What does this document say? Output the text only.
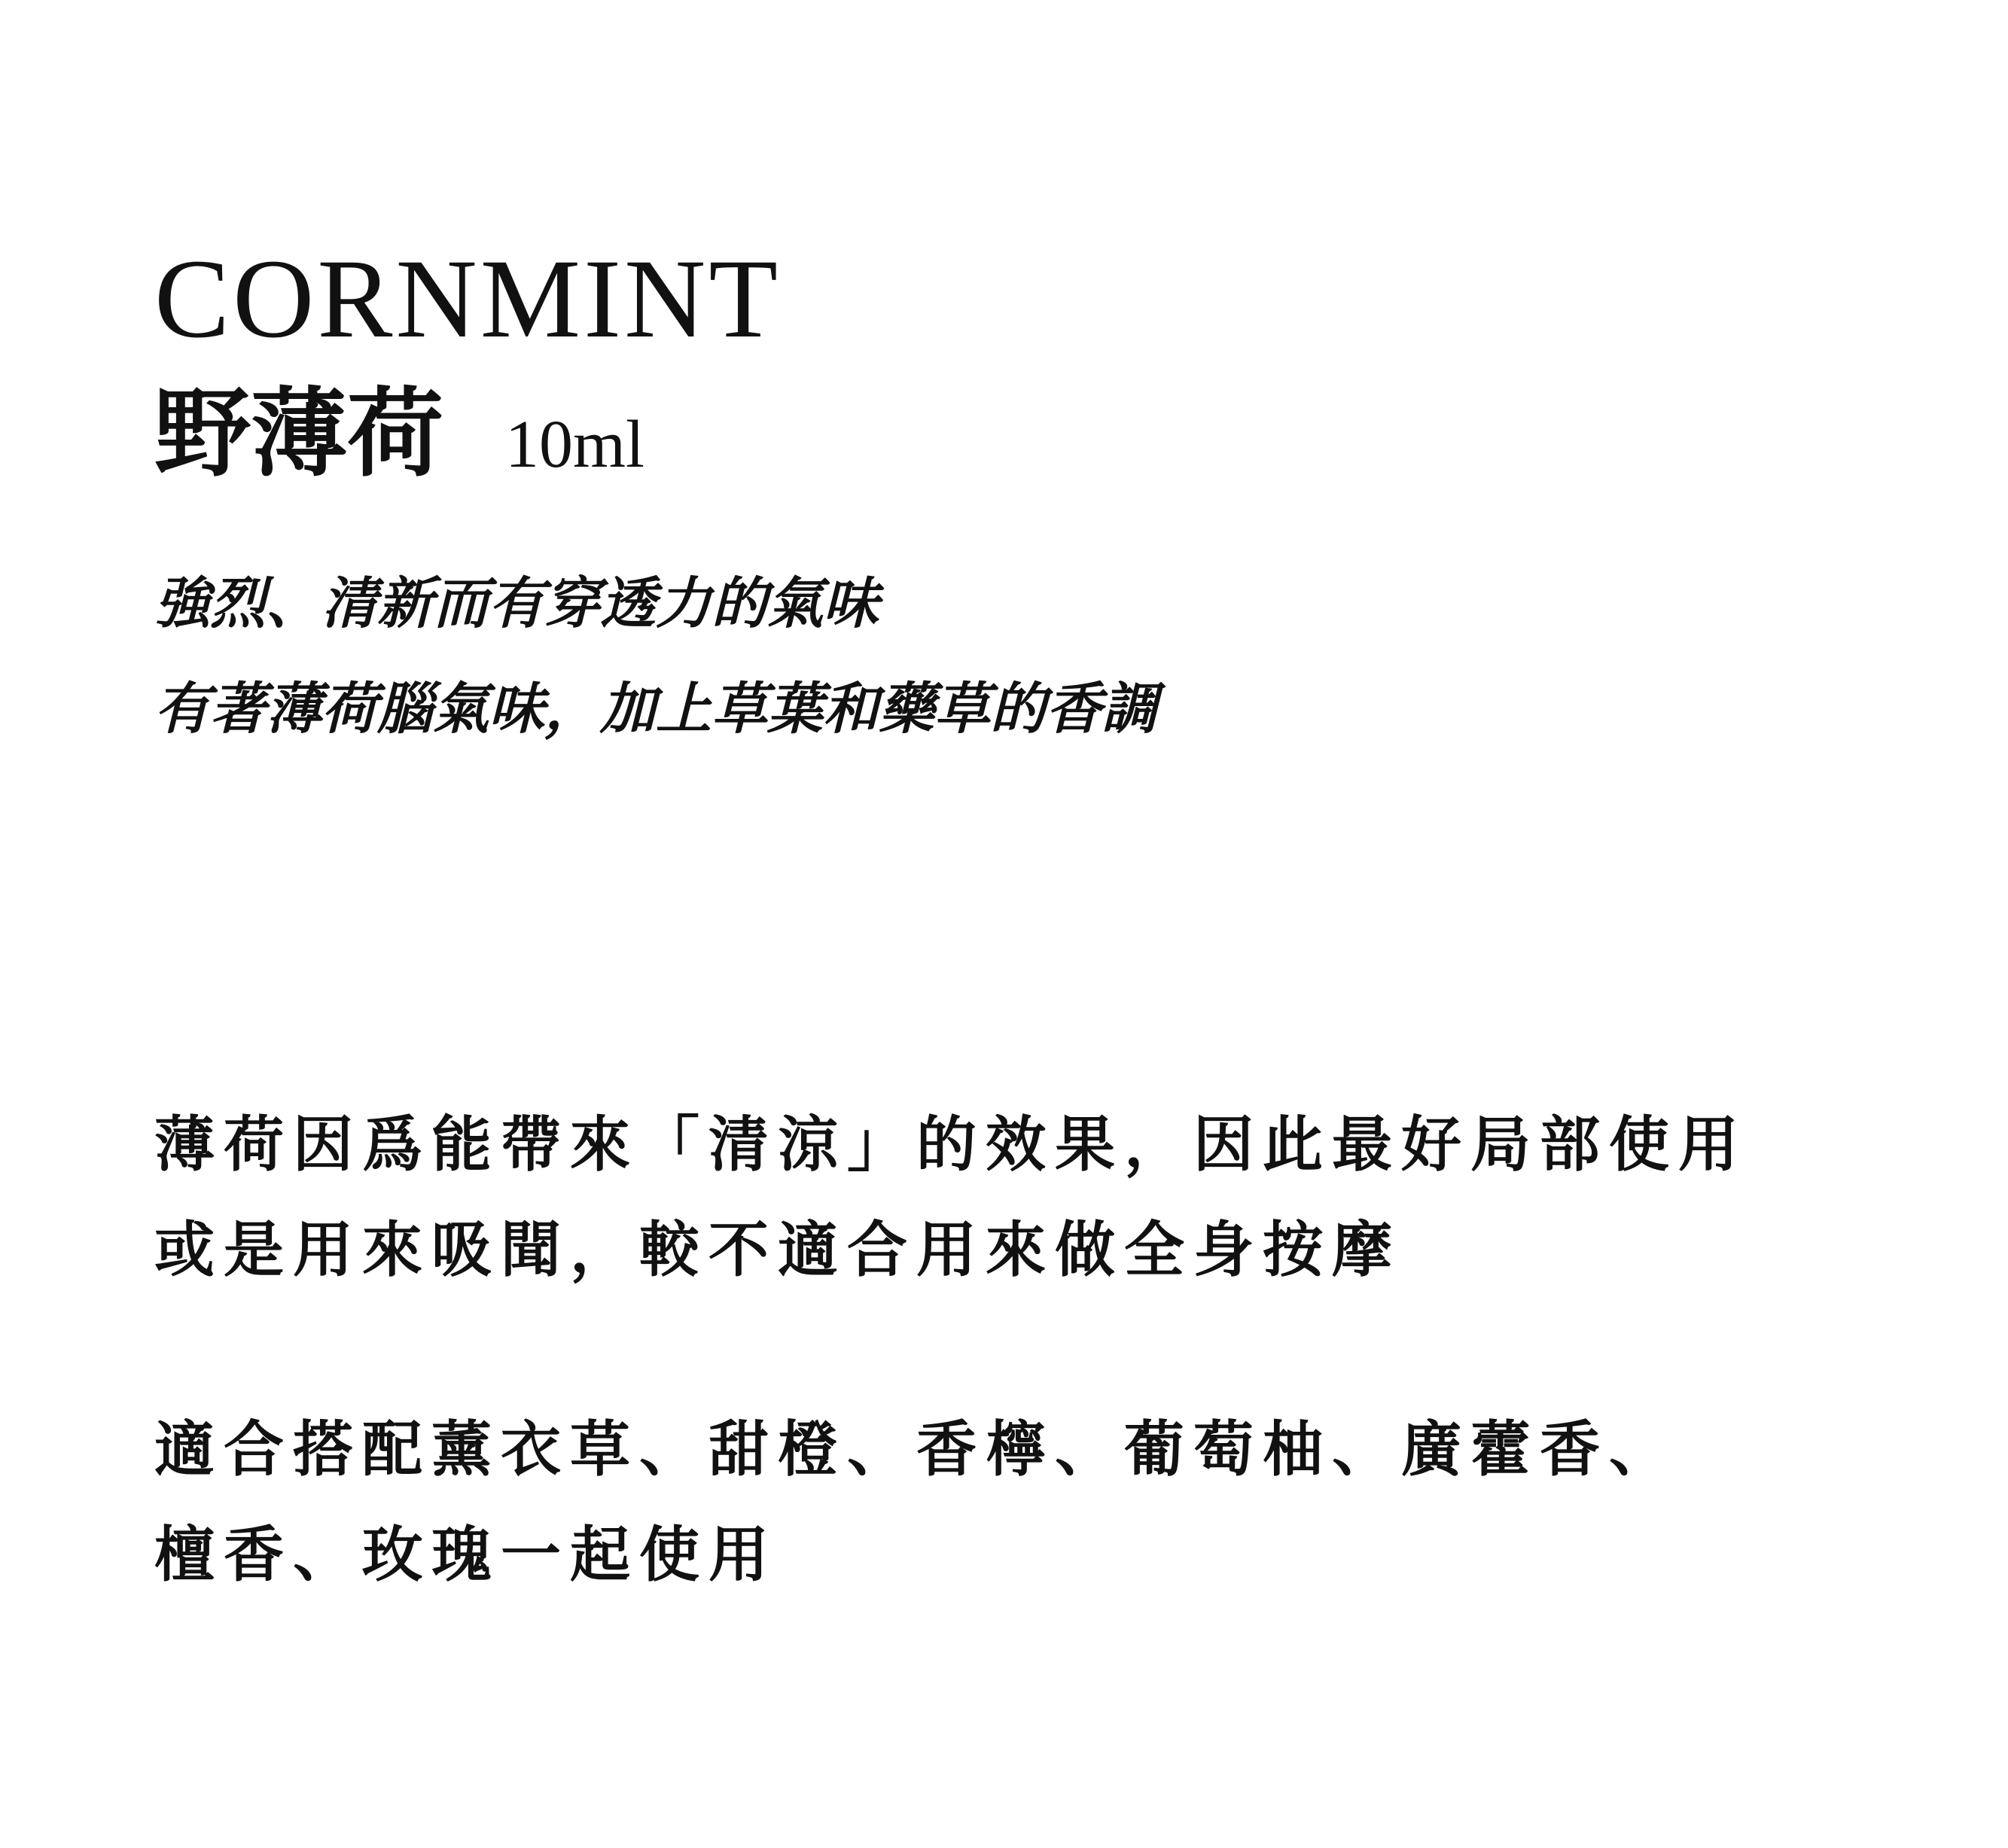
CORNMINT
野薄荷 10ml
強烈、清新而有穿透力的氣味
有著薄荷腦氣味，加上草葉和藥草的香調
薄荷因爲能帶來「清涼」的效果，因此最好局部使用
或是用來吸聞，較不適合用來做全身按摩
適合搭配薰衣草、甜橙、香檸、葡萄柚、廣藿香、
檀香、玫瑰一起使用
